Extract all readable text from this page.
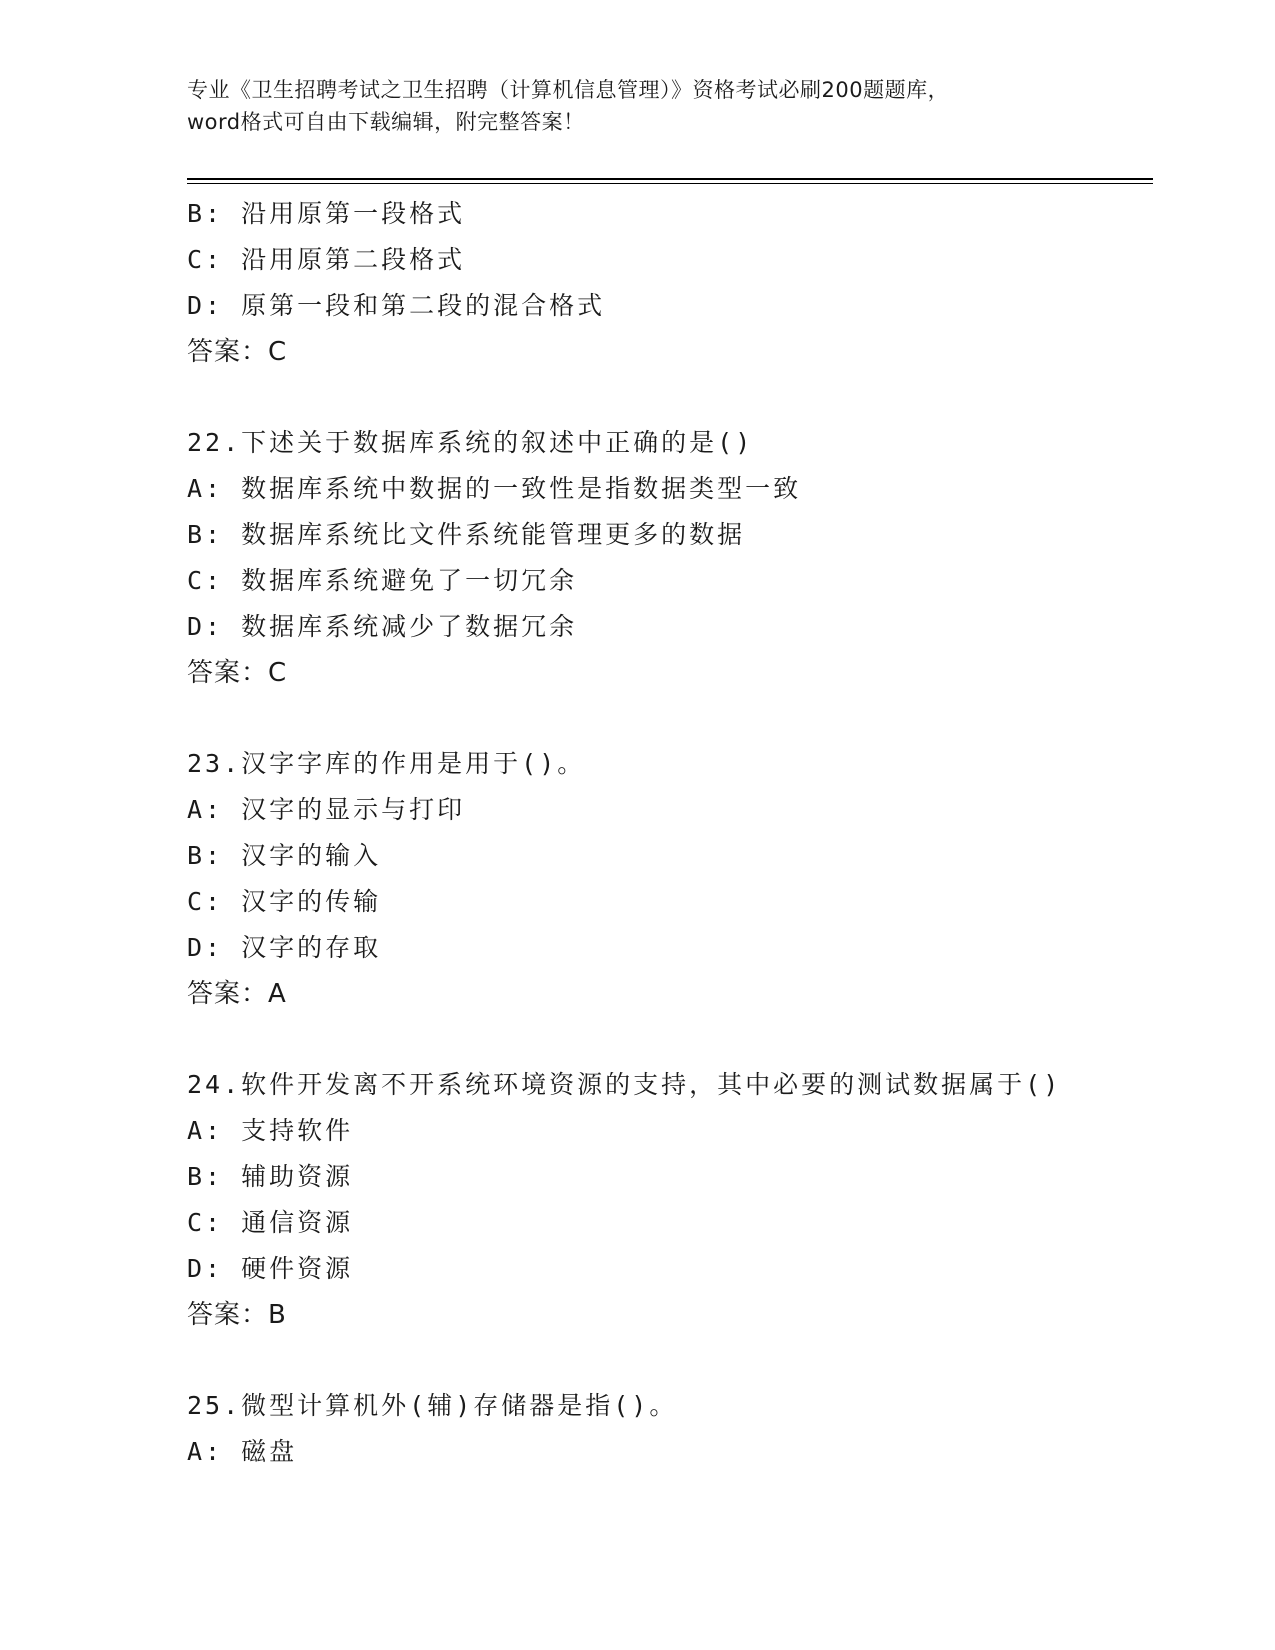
专业《卫生招聘考试之卫生招聘（计算机信息管理）》资格考试必刷200题题库，
word格式可自由下载编辑，附完整答案！
B: 沿用原第一段格式
C: 沿用原第二段格式
D: 原第一段和第二段的混合格式
答案：C
22.下述关于数据库系统的叙述中正确的是()
A: 数据库系统中数据的一致性是指数据类型一致
B: 数据库系统比文件系统能管理更多的数据
C: 数据库系统避免了一切冗余
D: 数据库系统减少了数据冗余
答案：C
23.汉字字库的作用是用于()。
A: 汉字的显示与打印
B: 汉字的输入
C: 汉字的传输
D: 汉字的存取
答案：A
24.软件开发离不开系统环境资源的支持，其中必要的测试数据属于()
A: 支持软件
B: 辅助资源
C: 通信资源
D: 硬件资源
答案：B
25.微型计算机外(辅)存储器是指()。
A: 磁盘
